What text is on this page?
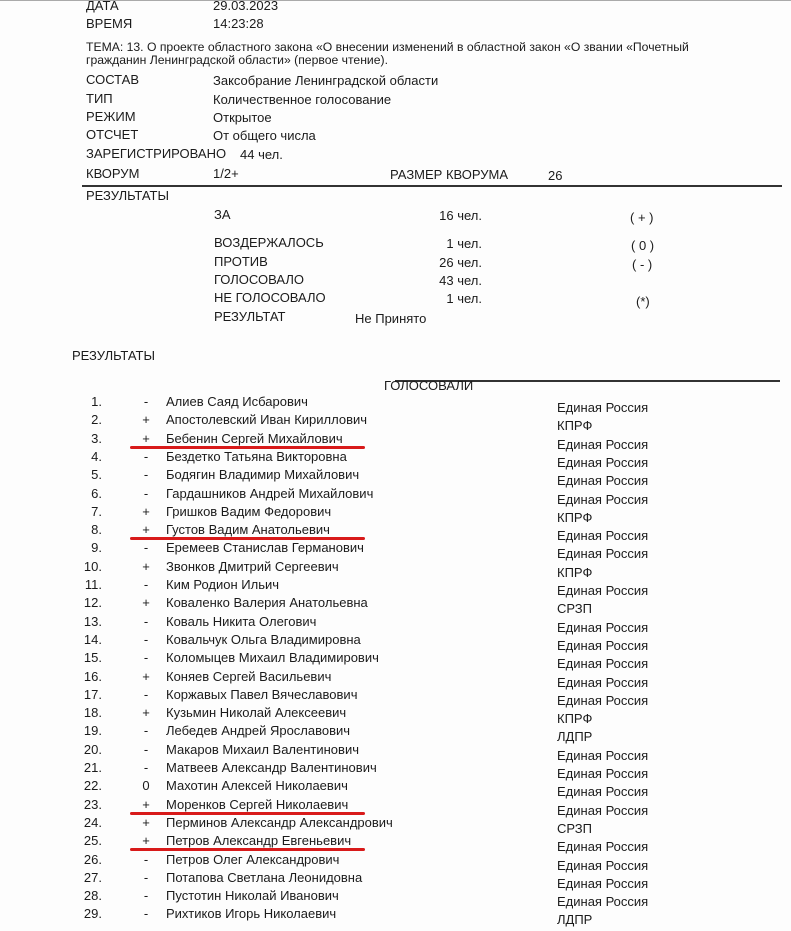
ДАТА	29.03.2023
ВРЕМЯ	14:23:28
ТЕМА: 13. О проекте областного закона «О внесении изменений в областной закон «О звании «Почетный
гражданин Ленинградской области» (первое чтение).
СОСТАВ	Заксобрание Ленинградской области
ТИП	Количественное голосование
РЕЖИМ	Открытое
ОТСЧЕТ	От общего числа
ЗАРЕГИСТРИРОВАНО 44 чел.
КВОРУМ	1/2+	РАЗМЕР КВОРУМА	26
РЕЗУЛЬТАТЫ
ЗА	16 чел.	( + )
ВОЗДЕРЖАЛОСЬ	1 чел.	( 0 )
ПРОТИВ	26 чел.	( - )
ГОЛОСОВАЛО	43 чел.
НЕ ГОЛОСОВАЛО	1 чел.	(*)
РЕЗУЛЬТАТ	Не Принято
РЕЗУЛЬТАТЫ
ГОЛОСОВАЛИ
1.	- Алиев Саяд Исбарович	Единая Россия
2.	+ Апостолевский Иван Кириллович	КПРФ
3.	+ Бебенин Сергей Михайлович	Единая Россия
4.	- Бездетко Татьяна Викторовна	Единая Россия
5.	- Бодягин Владимир Михайлович	Единая Россия
6.	- Гардашников Андрей Михайлович	Единая Россия
7.	+ Гришков Вадим Федорович	КПРФ
8.	+ Густов Вадим Анатольевич	Единая Россия
9.	- Еремеев Станислав Германович	Единая Россия
10.	+ Звонков Дмитрий Сергеевич	КПРФ
11.	- Ким Родион Ильич	Единая Россия
12.	+ Коваленко Валерия Анатольевна	СРЗП
13.	- Коваль Никита Олегович	Единая Россия
14.	- Ковальчук Ольга Владимировна	Единая Россия
15.	- Коломыцев Михаил Владимирович	Единая Россия
16.	+ Коняев Сергей Васильевич	Единая Россия
17.	- Коржавых Павел Вячеславович	Единая Россия
18.	+ Кузьмин Николай Алексеевич	КПРФ
19.	- Лебедев Андрей Ярославович	ЛДПР
20.	- Макаров Михаил Валентинович	Единая Россия
21.	- Матвеев Александр Валентинович	Единая Россия
22.	0 Махотин Алексей Николаевич	Единая Россия
23.	+ Моренков Сергей Николаевич	Единая Россия
24.	+ Перминов Александр Александрович	СРЗП
25.	+ Петров Александр Евгеньевич	Единая Россия
26.	- Петров Олег Александрович	Единая Россия
27.	- Потапова Светлана Леонидовна	Единая Россия
28.	- Пустотин Николай Иванович	Единая Россия
29.	- Рихтиков Игорь Николаевич	ЛДПР
